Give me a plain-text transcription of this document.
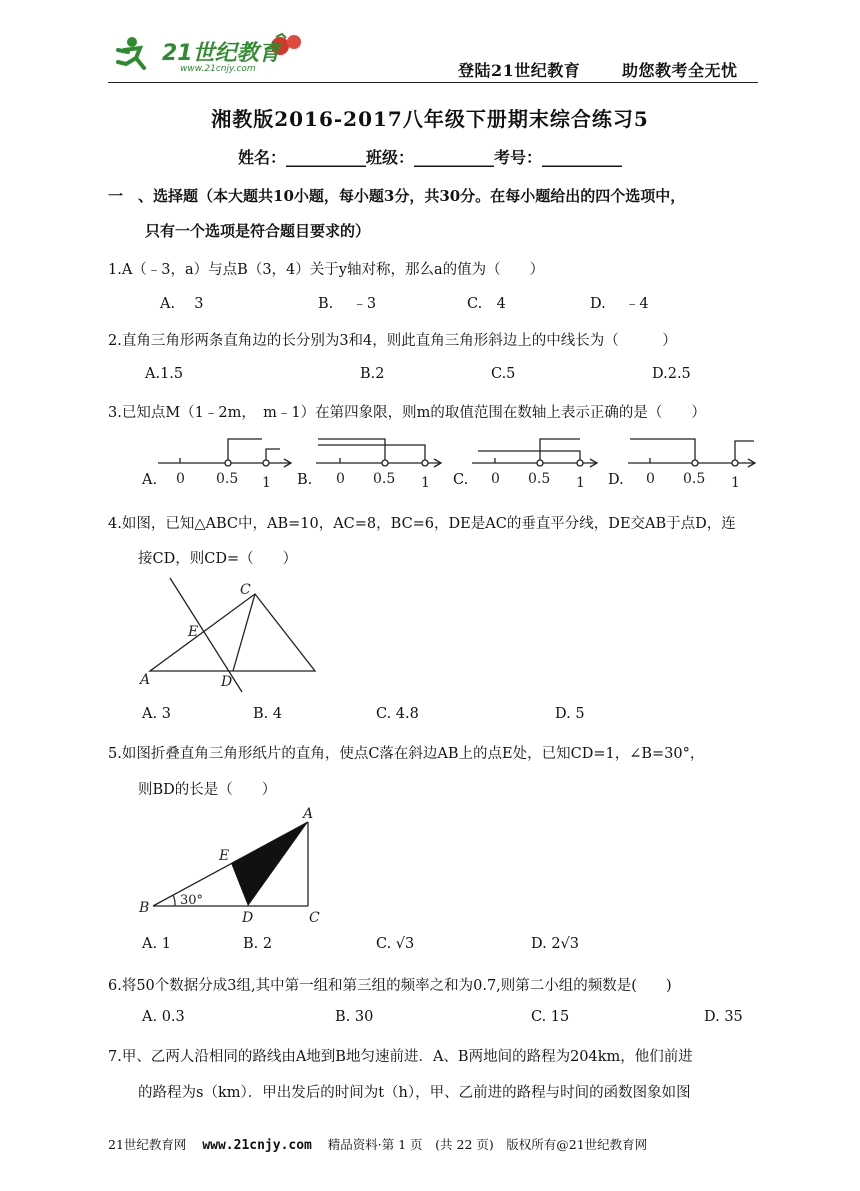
21世纪教育
www.21cnjy.com	登陆21世纪教育	助您教考全无忧
湘教版2016-2017八年级下册期末综合练习5
姓名：__________班级：__________考号：__________
一　、选择题（本大题共10小题，每小题3分，共30分。在每小题给出的四个选项中，
只有一个选项是符合题目要求的）
1.A（﹣3，a）与点B（3，4）关于y轴对称，那么a的值为（　　）
A.　 3	B.　 ﹣3	C.　4	D.　 ﹣4
2.直角三角形两条直角边的长分别为3和4，则此直角三角形斜边上的中线长为（　　　）
A.1.5	B.2	C.5	D.2.5
3.已知点M（1﹣2m，　m﹣1）在第四象限，则m的取值范围在数轴上表示正确的是（　　）
A.	B.	C.	D.
0 0.5 1	0 0.5 1	0 0.5 1	0 0.5 1
4.如图，已知△ABC中，AB=10，AC=8，BC=6，DE是AC的垂直平分线，DE交AB于点D，连
接CD，则CD=（　　）
C
E
A	D
A. 3	B. 4	C. 4.8	D. 5
5.如图折叠直角三角形纸片的直角，使点C落在斜边AB上的点E处，已知CD=1，∠B=30°，
则BD的长是（　　）
A
E
B
D	C
30°
A. 1	B. 2	C. √3	D. 2√3
6.将50个数据分成3组,其中第一组和第三组的频率之和为0.7,则第二小组的频数是(　　)
A. 0.3	B. 30	C. 15	D. 35
7.甲、乙两人沿相同的路线由A地到B地匀速前进．A、B两地间的路程为204km，他们前进
的路程为s（km）．甲出发后的时间为t（h），甲、乙前进的路程与时间的函数图象如图
21世纪教育网 www.21cnjy.com 精品资料·第 1 页　(共 22 页)　版权所有@21世纪教育网
